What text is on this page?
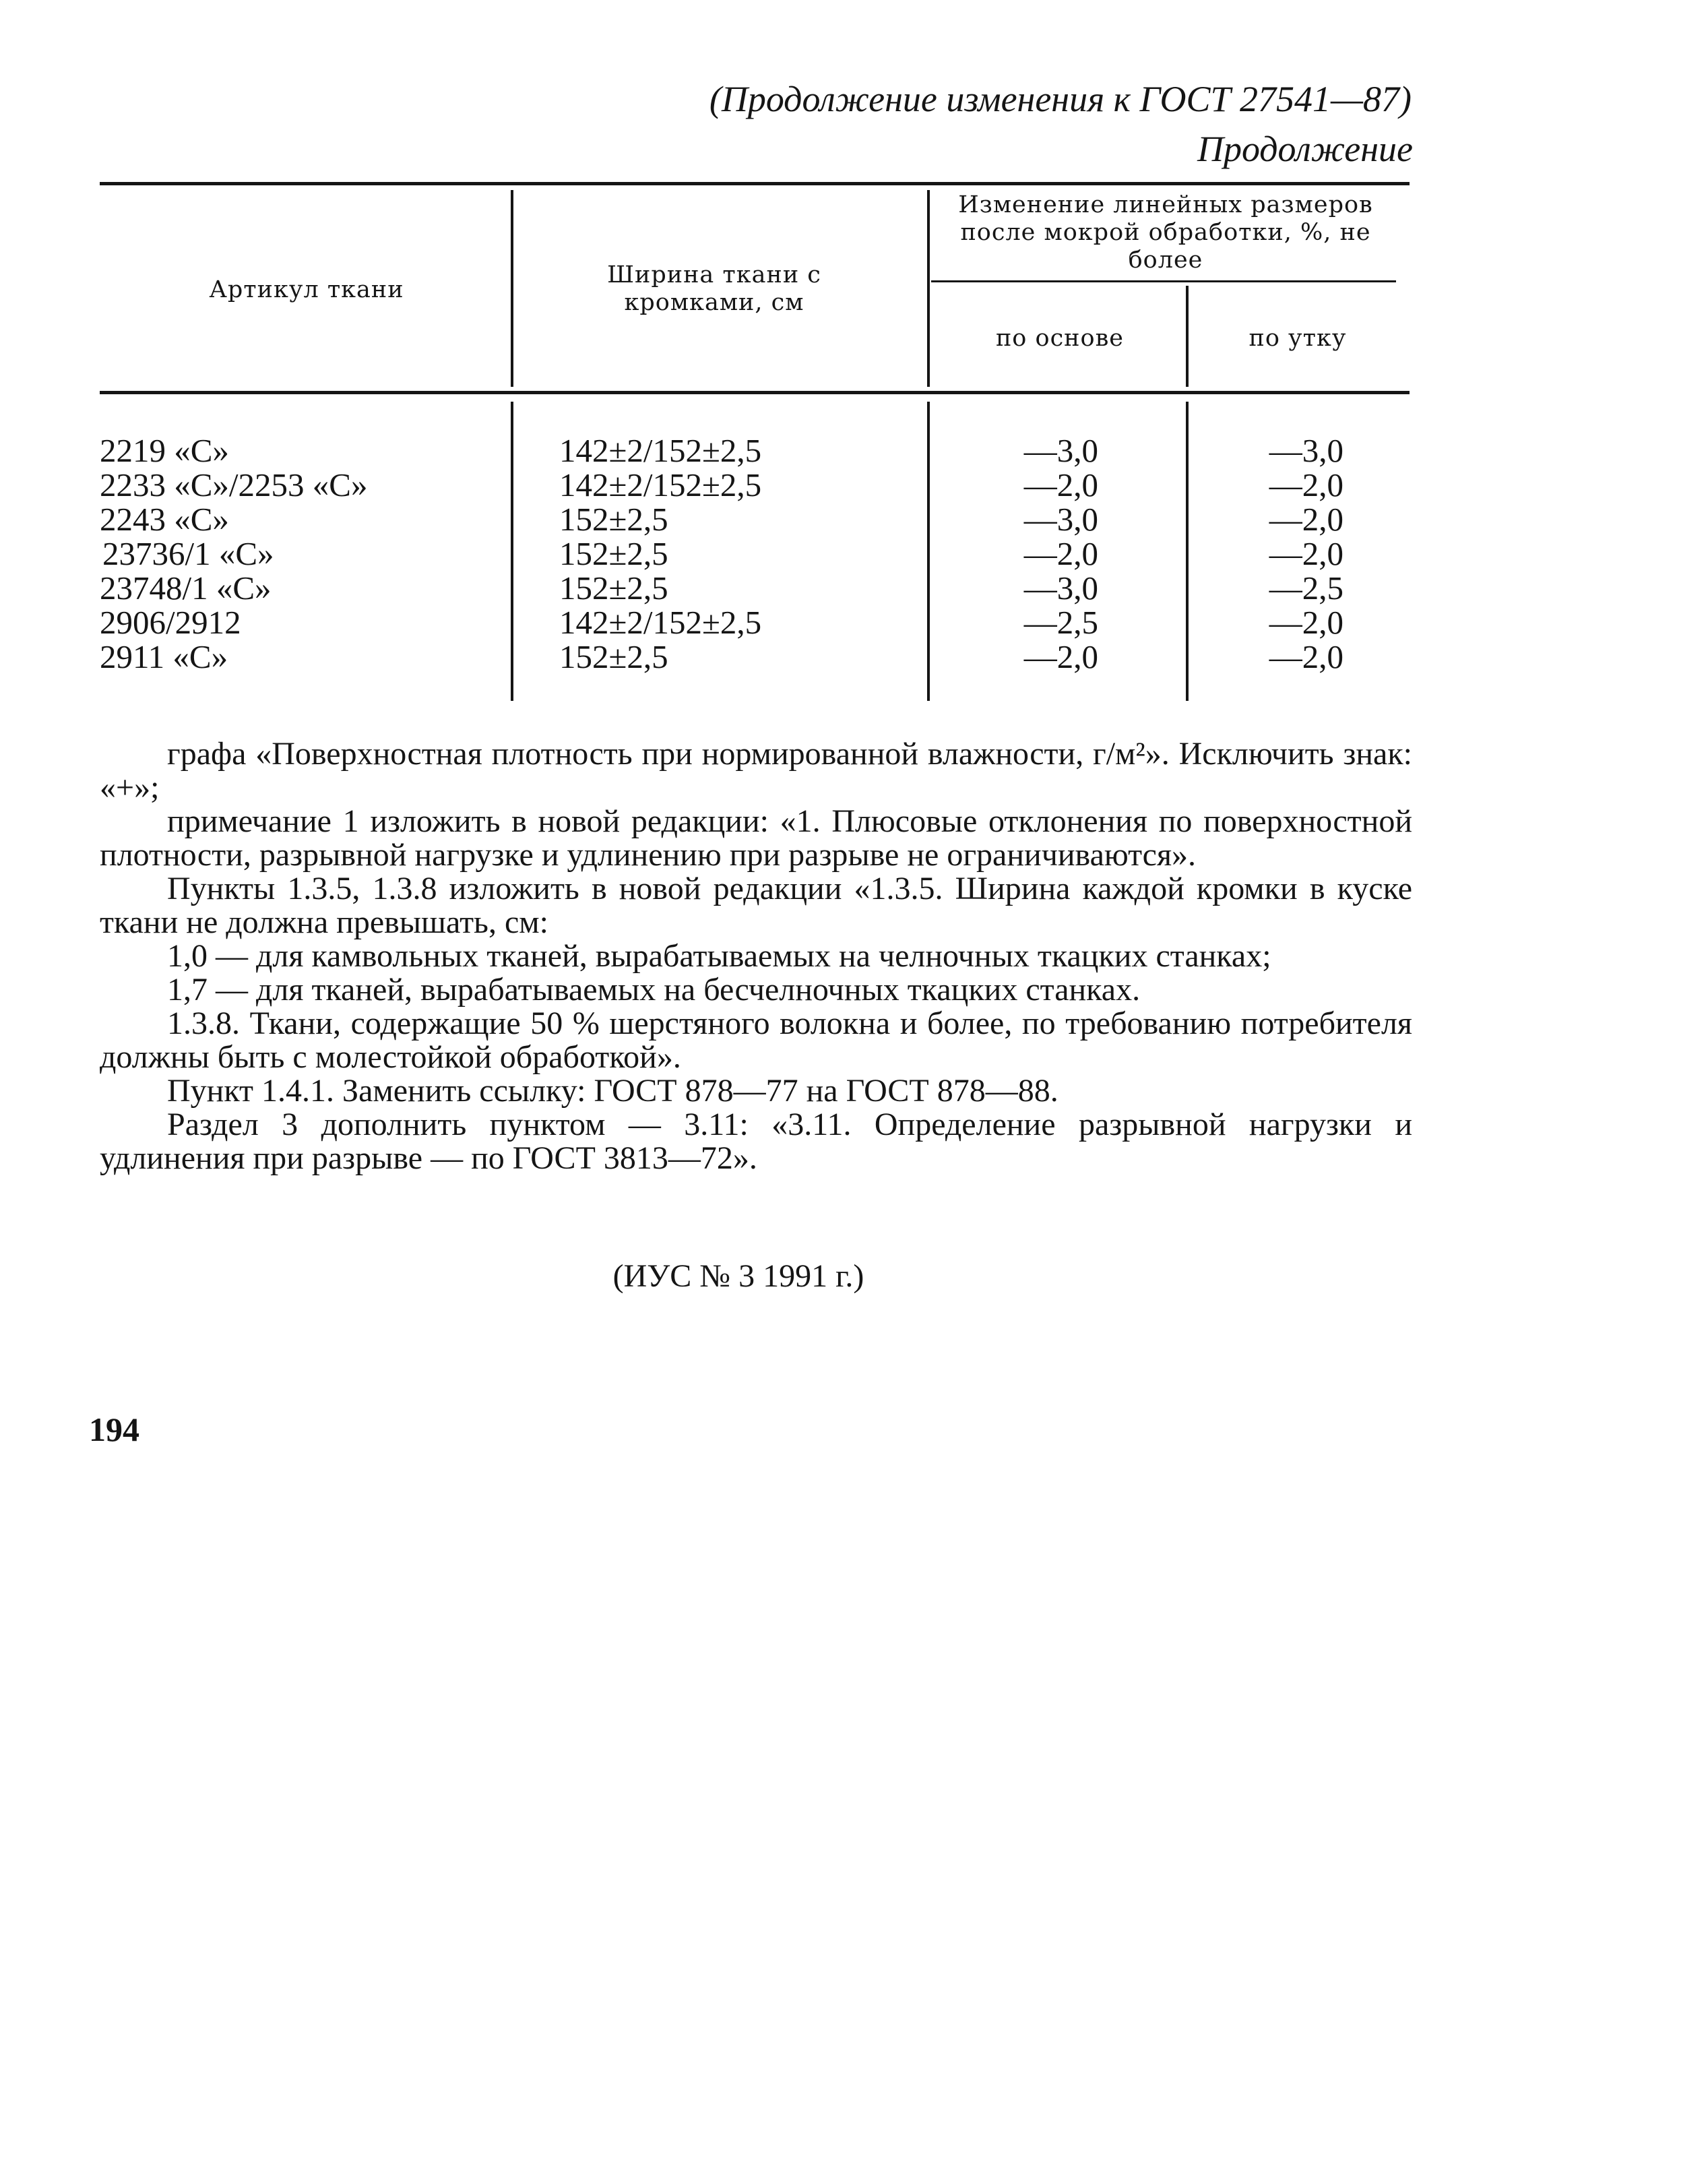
(Продолжение изменения к ГОСТ 27541—87)
Продолжение
Артикул ткани
Ширина ткани с кромками, см
Изменение линейных размеров после мокрой обработки, %, не более
по основе	по утку
2219 «С»	142±2/152±2,5	—3,0	—3,0
2233 «С»/2253 «С»	142±2/152±2,5	—2,0	—2,0
2243 «С»	152±2,5	—3,0	—2,0
23736/1 «С»	152±2,5	—2,0	—2,0
23748/1 «С»	152±2,5	—3,0	—2,5
2906/2912	142±2/152±2,5	—2,5	—2,0
2911 «С»	152±2,5	—2,0	—2,0

графа «Поверхностная плотность при нормированной влажности, г/м²». Исключить знак: «+»;

примечание 1 изложить в новой редакции: «1. Плюсовые отклонения по поверхностной плотности, разрывной нагрузке и удлинению при разрыве не ограничиваются».

Пункты 1.3.5, 1.3.8 изложить в новой редакции «1.3.5. Ширина каждой кромки в куске ткани не должна превышать, см:

1,0 — для камвольных тканей, вырабатываемых на челночных ткацких станках;

1,7 — для тканей, вырабатываемых на бесчелночных ткацких станках.

1.3.8. Ткани, содержащие 50 % шерстяного волокна и более, по требованию потребителя должны быть с молестойкой обработкой».

Пункт 1.4.1. Заменить ссылку: ГОСТ 878—77 на ГОСТ 878—88.

Раздел 3 дополнить пунктом — 3.11: «3.11. Определение разрывной нагрузки и удлинения при разрыве — по ГОСТ 3813—72».

(ИУС № 3 1991 г.)
194
